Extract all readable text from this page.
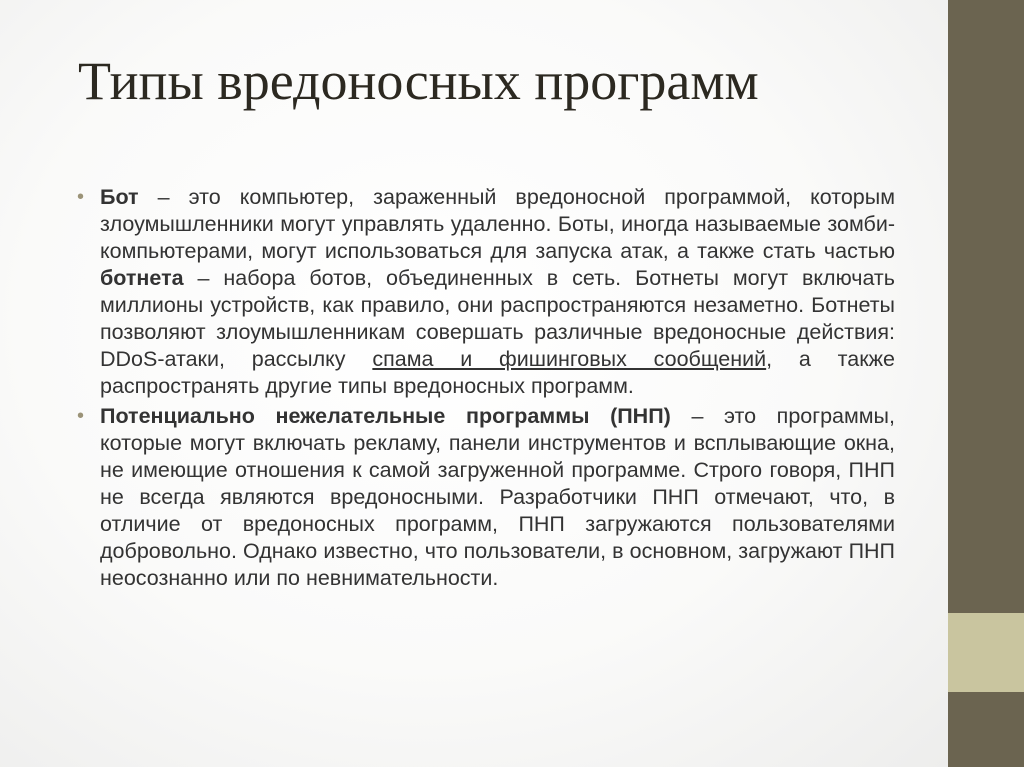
Типы вредоносных программ
• Бот – это компьютер, зараженный вредоносной программой, которым злоумышленники могут управлять удаленно. Боты, иногда называемые зомби-компьютерами, могут использоваться для запуска атак, а также стать частью ботнета – набора ботов, объединенных в сеть. Ботнеты могут включать миллионы устройств, как правило, они распространяются незаметно. Ботнеты позволяют злоумышленникам совершать различные вредоносные действия: DDoS-атаки, рассылку спама и фишинговых сообщений, а также распространять другие типы вредоносных программ.
• Потенциально нежелательные программы (ПНП) – это программы, которые могут включать рекламу, панели инструментов и всплывающие окна, не имеющие отношения к самой загруженной программе. Строго говоря, ПНП не всегда являются вредоносными. Разработчики ПНП отмечают, что, в отличие от вредоносных программ, ПНП загружаются пользователями добровольно. Однако известно, что пользователи, в основном, загружают ПНП неосознанно или по невнимательности.
